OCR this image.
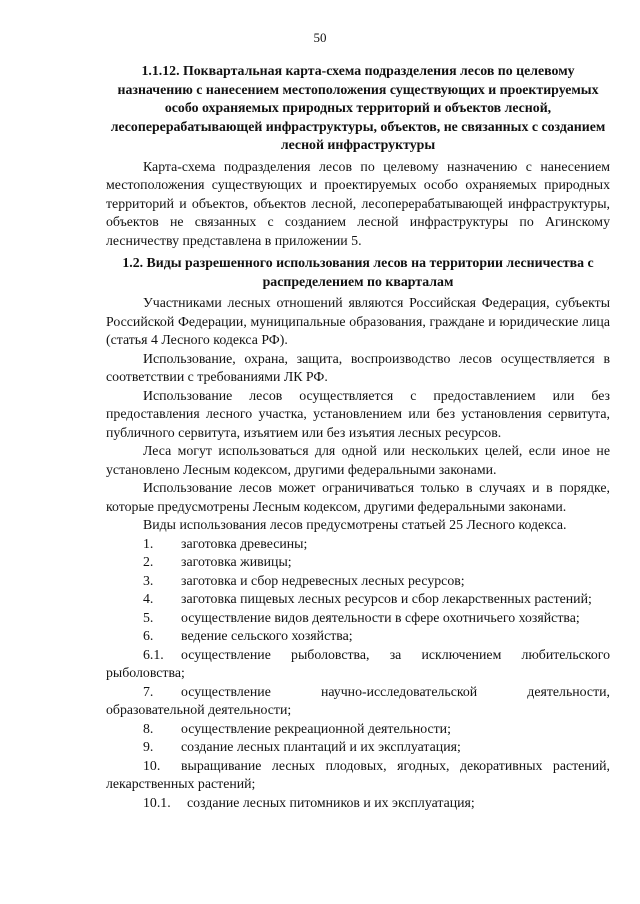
50
1.1.12. Поквартальная карта-схема подразделения лесов по целевому назначению с нанесением местоположения существующих и проектируемых особо охраняемых природных территорий и объектов лесной, лесоперерабатывающей инфраструктуры, объектов, не связанных с созданием лесной инфраструктуры

Карта-схема подразделения лесов по целевому назначению с нанесением местоположения существующих и проектируемых особо охраняемых природных территорий и объектов, объектов лесной, лесоперерабатывающей инфраструктуры, объектов не связанных с созданием лесной инфраструктуры по Агинскому лесничеству представлена в приложении 5.

1.2. Виды разрешенного использования лесов на территории лесничества с распределением по кварталам

Участниками лесных отношений являются Российская Федерация, субъекты Российской Федерации, муниципальные образования, граждане и юридические лица (статья 4 Лесного кодекса РФ).

Использование, охрана, защита, воспроизводство лесов осуществляется в соответствии с требованиями ЛК РФ.

Использование лесов осуществляется с предоставлением или без предоставления лесного участка, установлением или без установления сервитута, публичного сервитута, изъятием или без изъятия лесных ресурсов.

Леса могут использоваться для одной или нескольких целей, если иное не установлено Лесным кодексом, другими федеральными законами.

Использование лесов может ограничиваться только в случаях и в порядке, которые предусмотрены Лесным кодексом, другими федеральными законами.

Виды использования лесов предусмотрены статьей 25 Лесного кодекса.

1. заготовка древесины;
2. заготовка живицы;
3. заготовка и сбор недревесных лесных ресурсов;
4. заготовка пищевых лесных ресурсов и сбор лекарственных растений;
5. осуществление видов деятельности в сфере охотничьего хозяйства;
6. ведение сельского хозяйства;
6.1. осуществление рыболовства, за исключением любительского рыболовства;
7. осуществление научно-исследовательской деятельности, образовательной деятельности;
8. осуществление рекреационной деятельности;
9. создание лесных плантаций и их эксплуатация;
10. выращивание лесных плодовых, ягодных, декоративных растений, лекарственных растений;
10.1. создание лесных питомников и их эксплуатация;
